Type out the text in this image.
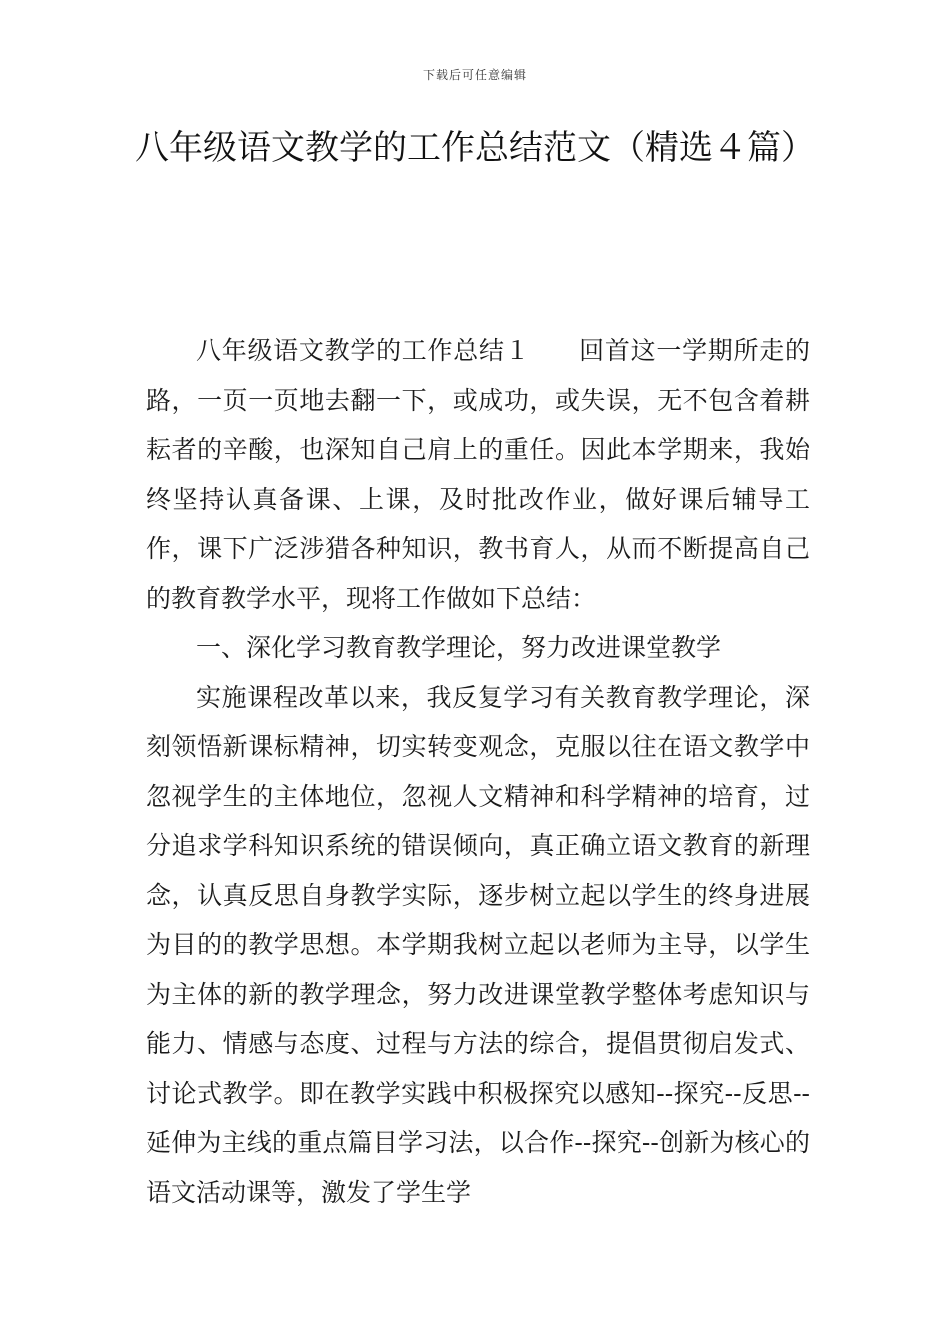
下载后可任意编辑
八年级语文教学的工作总结范文（精选４篇）

八年级语文教学的工作总结１ 回首这一学期所走的路，一页一页地去翻一下，或成功，或失误，无不包含着耕耘者的辛酸，也深知自己肩上的重任。因此本学期来，我始终坚持认真备课、上课，及时批改作业，做好课后辅导工作，课下广泛涉猎各种知识，教书育人，从而不断提高自己的教育教学水平，现将工作做如下总结：

一、深化学习教育教学理论，努力改进课堂教学

实施课程改革以来，我反复学习有关教育教学理论，深刻领悟新课标精神，切实转变观念，克服以往在语文教学中忽视学生的主体地位，忽视人文精神和科学精神的培育，过分追求学科知识系统的错误倾向，真正确立语文教育的新理念，认真反思自身教学实际，逐步树立起以学生的终身进展为目的的教学思想。本学期我树立起以老师为主导，以学生为主体的新的教学理念，努力改进课堂教学整体考虑知识与能力、情感与态度、过程与方法的综合，提倡贯彻启发式、讨论式教学。即在教学实践中积极探究以感知--探究--反思--延伸为主线的重点篇目学习法，以合作--探究--创新为核心的语文活动课等，激发了学生学
